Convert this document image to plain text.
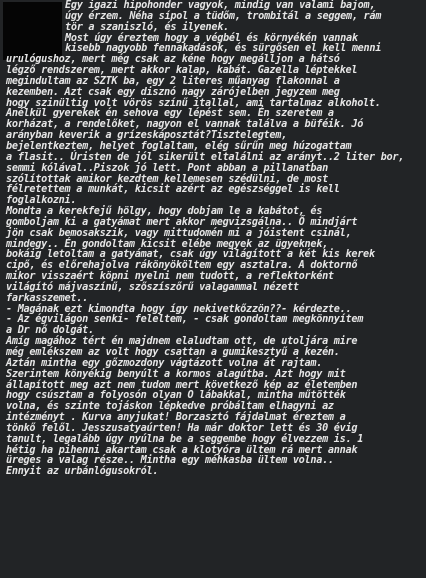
Egy igazi hipohonder vagyok, mindig van valami bajom,

úgy érzem. Néha sípol a tüdőm, trombitál a seggem, rám

tör a szaniszló, és ilyenek.

Most úgy éreztem hogy a végbél és környékén vannak

kisebb nagyobb fennakadások, és sürgősen el kell menni

urulógushoz, mert még csak az kéne hogy megálljon a hátsó

légző rendszerem, mert akkor kalap, kabát. Gazella léptekkel

megindultam az SZTK ba, egy 2 literes műanyag flakonnal a

kezemben. Azt csak egy disznó nagy zárójelben jegyzem meg

hogy szinültig volt vörös színű itallal, ami tartalmaz alkoholt.

Anélkül gyerekek én sehova egy lépést sem. Én szeretem a

korházat, a rendelőket, nagyon el vannak találva a büféik. Jó

arányban keverik a grízeskáposztát?Tisztelegtem,

bejelentkeztem, helyet foglaltam, elég sűrűn meg húzogattam

a flasit.. Úristen de jól sikerült eltalálni az arányt..2 liter bor,

semmi kólával..Piszok jó lett. Pont abban a pillanatban

szólítottak amikor kezdtem kellemesen szédülni, de most

félretettem a munkát, kicsit azért az egészséggel is kell

foglalkozni.

Mondta a kerekfejű hölgy, hogy dobjam le a kabátot, és

gomboljam ki a gatyámat mert akkor megvizsgálna.. Ő mindjárt

jön csak bemosakszik, vagy mittudomén mi a jóistent csinál,

mindegy.. Én gondoltam kicsit elébe megyek az ügyeknek,

bokáig letoltam a gatyámat, csak úgy világított a két kis kerek

cipő, és előrehajolva rákönyököltem egy asztalra. A doktornő

mikor visszaért köpni nyelni nem tudott, a reflektorként

világító májvaszínű, szőszíszőrű valagammal nézett

farkasszemet..

- Magának ezt kimondta hogy így nekivetkőzzön??- kérdezte..

- Az égvilágon senki- feleltem, - csak gondoltam megkönnyítem

a Dr nő dolgát.

Amíg magához tért én majdnem elaludtam ott, de utoljára mire

még emlékszem az volt hogy csattan a gumikesztyű a kezén.

Aztán mintha egy gőzmozdony vágtázott volna át rajtam.

Szerintem könyékig benyúlt a kormos alagútba. Azt hogy mit

állapított meg azt nem tudom mert következő kép az életemben

hogy csúsztam a folyosón olyan O lábakkal, mintha műtötték

volna, és szinte tojáskon lépkedve próbáltam elhagyni az

intézményt . Kurva anyjukat! Borzasztó fájdalmat éreztem a

tönkő felől. Jesszusatyaúrten! Ha már doktor lett és 30 évig

tanult, legalább úgy nyúlna be a seggembe hogy élvezzem is. 1

hétig ha pihenni akartam csak a klotyóra ültem rá mert annak

üreges a valag része.. Mintha egy méhkasba ültem volna..

Ennyit az urbánlógusokról.
